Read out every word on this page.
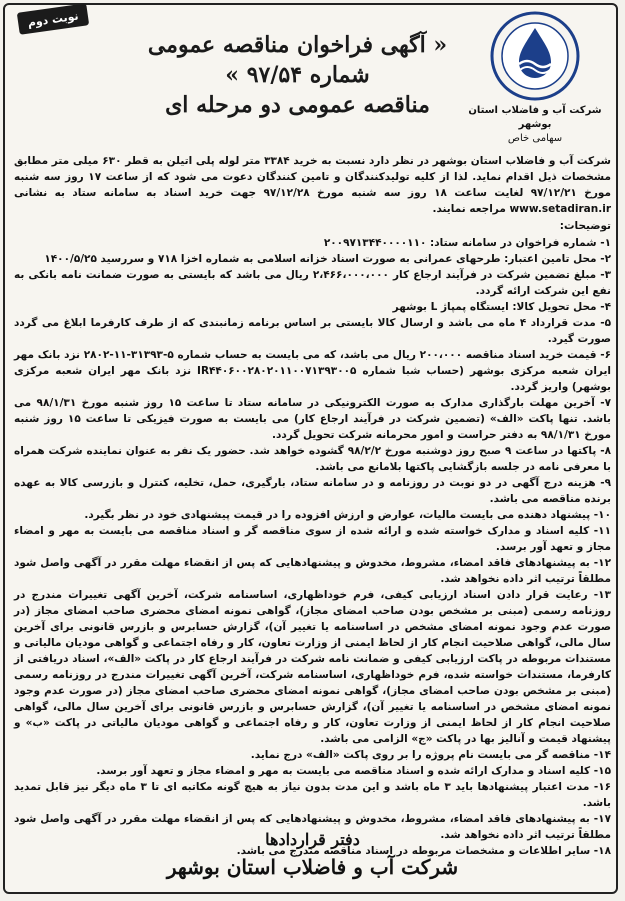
نوبت دوم
شرکت آب و فاضلاب استان بوشهر
سهامی خاص
« آگهی فراخوان مناقصه عمومی
شماره ۹۷/۵۴ »
مناقصه عمومی دو مرحله ای
شرکت آب و فاضلاب استان بوشهر در نظر دارد نسبت به خرید ۳۳۸۴ متر لوله پلی اتیلن به قطر ۶۳۰ میلی متر مطابق مشخصات ذیل اقدام نماید. لذا از کلیه تولیدکنندگان و تامین کنندگان دعوت می شود که از ساعت ۱۷ روز سه شنبه مورخ ۹۷/۱۲/۲۱ لغایت ساعت ۱۸ روز سه شنبه مورخ ۹۷/۱۲/۲۸ جهت خرید اسناد به سامانه ستاد به نشانی www.setadiran.ir مراجعه نمایند.
توضیحات:

۱- شماره فراخوان در سامانه ستاد: ۲۰۰۹۷۱۳۴۴۰۰۰۰۱۱۰

۲- محل تامین اعتبار: طرحهای عمرانی به صورت اسناد خزانه اسلامی به شماره اخزا ۷۱۸ و سررسید ۱۴۰۰/۵/۲۵

۳- مبلغ تضمین شرکت در فرآیند ارجاع کار ۲،۴۶۶،۰۰۰،۰۰۰ ریال می باشد که بایستی به صورت ضمانت نامه بانکی به نفع این شرکت ارائه گردد.

۴- محل تحویل کالا: ایستگاه پمپاژ L بوشهر

۵- مدت قرارداد ۴ ماه می باشد و ارسال کالا بایستی بر اساس برنامه زمانبندی که از طرف کارفرما ابلاغ می گردد صورت گیرد.

۶- قیمت خرید اسناد مناقصه ۲۰۰،۰۰۰ ریال می باشد، که می بایست به حساب شماره ۵-۳۱۳۹۳-۱۱-۲۸۰۲ نزد بانک مهر ایران شعبه مرکزی بوشهر (حساب شبا شماره IR۴۴۰۶۰۰۲۸۰۲۰۱۱۰۰۷۱۳۹۳۰۰۵ نزد بانک مهر ایران شعبه مرکزی بوشهر) واریز گردد.

۷- آخرین مهلت بارگذاری مدارک به صورت الکترونیکی در سامانه ستاد تا ساعت ۱۵ روز شنبه مورخ ۹۸/۱/۳۱ می باشد. تنها پاکت «الف» (تضمین شرکت در فرآیند ارجاع کار) می بایست به صورت فیزیکی تا ساعت ۱۵ روز شنبه مورخ ۹۸/۱/۳۱ به دفتر حراست و امور محرمانه شرکت تحویل گردد.

۸- پاکتها در ساعت ۹ صبح روز دوشنبه مورخ ۹۸/۲/۲ گشوده خواهد شد. حضور یک نفر به عنوان نماینده شرکت همراه با معرفی نامه در جلسه بازگشایی پاکتها بلامانع می باشد.

۹- هزینه درج آگهی در دو نوبت در روزنامه و در سامانه ستاد، بارگیری، حمل، تخلیه، کنترل و بازرسی کالا به عهده برنده مناقصه می باشد.

۱۰- پیشنهاد دهنده می بایست مالیات، عوارض و ارزش افزوده را در قیمت پیشنهادی خود در نظر بگیرد.

۱۱- کلیه اسناد و مدارک خواسته شده و ارائه شده از سوی مناقصه گر و اسناد مناقصه می بایست به مهر و امضاء مجاز و تعهد آور برسد.

۱۲- به پیشنهادهای فاقد امضاء، مشروط، مخدوش و پیشنهادهایی که پس از انقضاء مهلت مقرر در آگهی واصل شود مطلقاً ترتیب اثر داده نخواهد شد.

۱۳- رعایت قرار دادن اسناد ارزیابی کیفی، فرم خوداظهاری، اساسنامه شرکت، آخرین آگهی تغییرات مندرج در روزنامه رسمی (مبنی بر مشخص بودن صاحب امضای مجاز)، گواهی نمونه امضای محضری صاحب امضای مجاز (در صورت عدم وجود نمونه امضای مشخص در اساسنامه یا تغییر آن)، گزارش حسابرس و بازرس قانونی برای آخرین سال مالی، گواهی صلاحیت انجام کار از لحاظ ایمنی از وزارت تعاون، کار و رفاه اجتماعی و گواهی مودیان مالیاتی و مستندات مربوطه در پاکت ارزیابی کیفی و ضمانت نامه شرکت در فرآیند ارجاع کار در پاکت «الف»، اسناد دریافتی از کارفرما، مستندات خواسته شده، فرم خوداظهاری، اساسنامه شرکت، آخرین آگهی تغییرات مندرج در روزنامه رسمی (مبنی بر مشخص بودن صاحب امضای مجاز)، گواهی نمونه امضای محضری صاحب امضای مجاز (در صورت عدم وجود نمونه امضای مشخص در اساسنامه یا تغییر آن)، گزارش حسابرس و بازرس قانونی برای آخرین سال مالی، گواهی صلاحیت انجام کار از لحاظ ایمنی از وزارت تعاون، کار و رفاه اجتماعی و گواهی مودیان مالیاتی در پاکت «ب» و پیشنهاد قیمت و آنالیز بها در پاکت «ج» الزامی می باشد.

۱۴- مناقصه گر می بایست نام پروژه را بر روی پاکت «الف» درج نماید.

۱۵- کلیه اسناد و مدارک ارائه شده و اسناد مناقصه می بایست به مهر و امضاء مجاز و تعهد آور برسد.

۱۶- مدت اعتبار پیشنهادها باید ۳ ماه باشد و این مدت بدون نیاز به هیچ گونه مکاتبه ای تا ۳ ماه دیگر نیز قابل تمدید باشد.

۱۷- به پیشنهادهای فاقد امضاء، مشروط، مخدوش و پیشنهادهایی که پس از انقضاء مهلت مقرر در آگهی واصل شود مطلقاً ترتیب اثر داده نخواهد شد.

۱۸- سایر اطلاعات و مشخصات مربوطه در اسناد مناقصه مندرج می باشد.

دفتر قراردادها
شرکت آب و فاضلاب استان بوشهر
